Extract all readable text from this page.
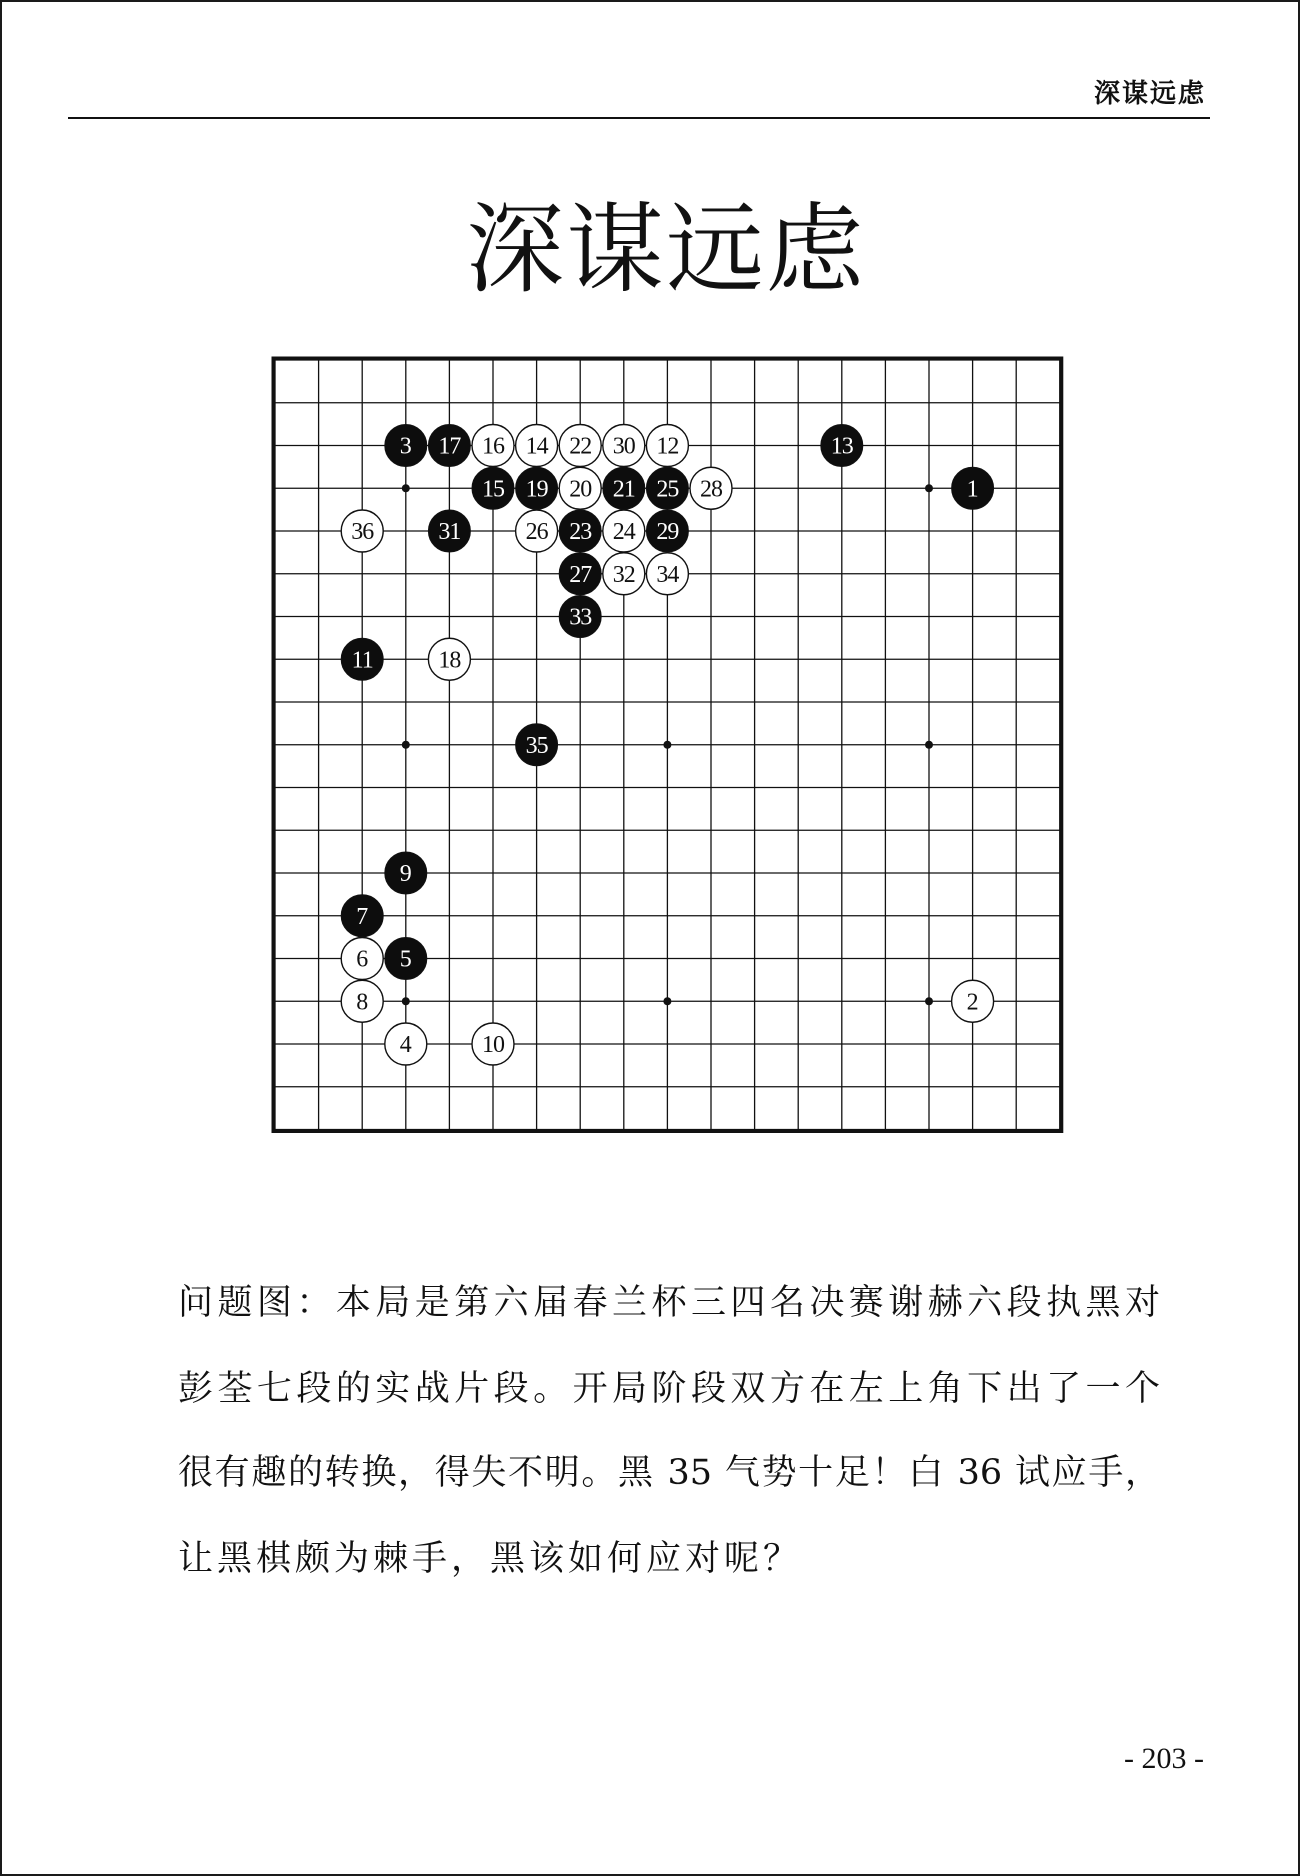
深谋远虑
深谋远虑
1
2
3
4
5
6
7
8
9
10
11
12	13
14
15
16
17
18
19 20 21
22
23 24
25
26
27
28
29
30
31
32
33
34
35
36
问题图：本局是第六届春兰杯三四名决赛谢赫六段执黑对
彭荃七段的实战片段。开局阶段双方在左上角下出了一个
很有趣的转换，得失不明。黑 35 气势十足！白 36 试应手，
让黑棋颇为棘手，黑该如何应对呢？
- 203 -
